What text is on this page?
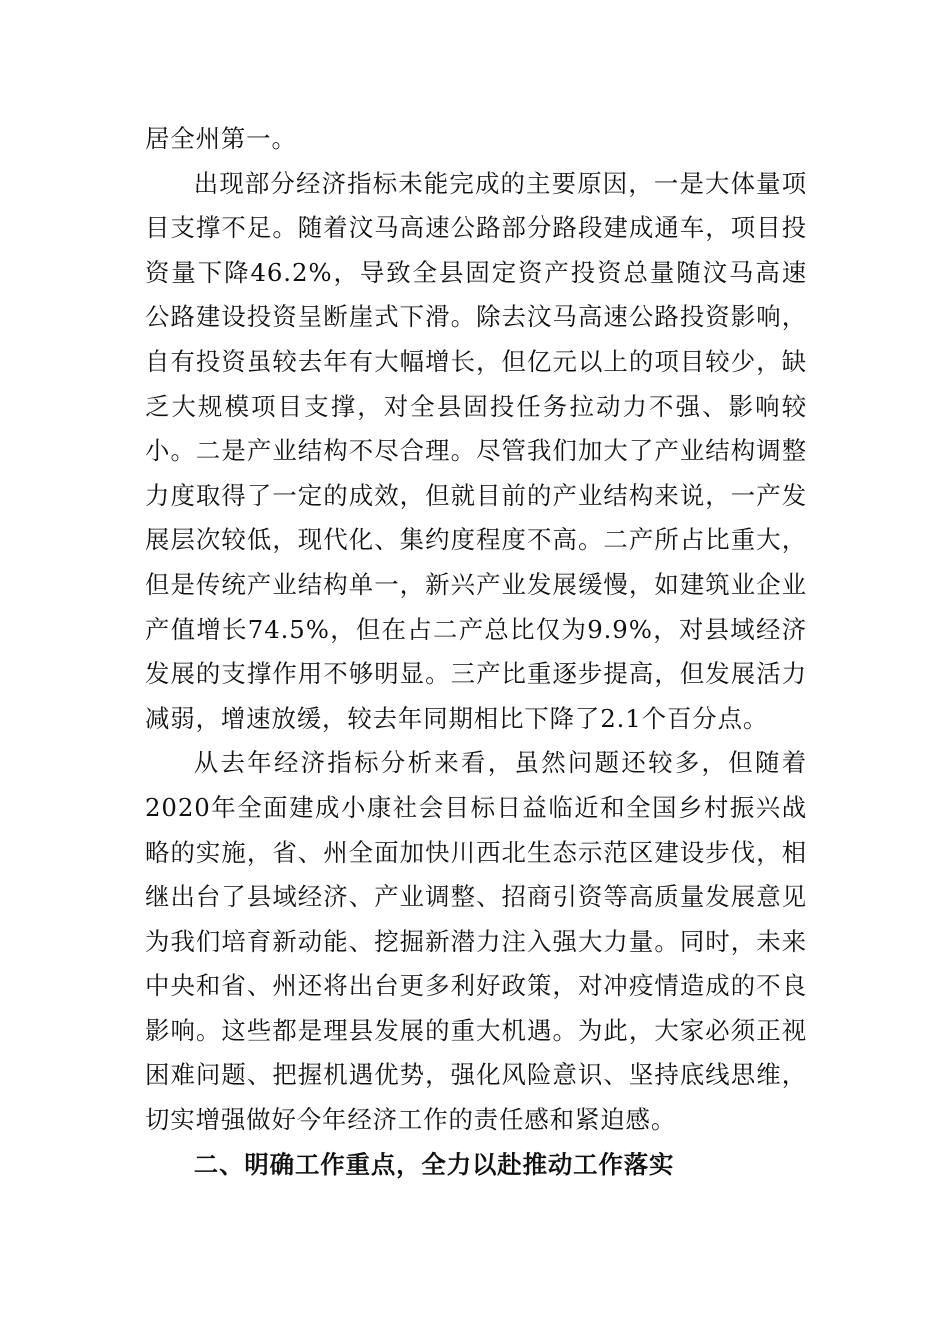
居全州第一。

出现部分经济指标未能完成的主要原因，一是大体量项目支撑不足。随着汶马高速公路部分路段建成通车，项目投资量下降46.2%，导致全县固定资产投资总量随汶马高速公路建设投资呈断崖式下滑。除去汶马高速公路投资影响，自有投资虽较去年有大幅增长，但亿元以上的项目较少，缺乏大规模项目支撑，对全县固投任务拉动力不强、影响较小。二是产业结构不尽合理。尽管我们加大了产业结构调整力度取得了一定的成效，但就目前的产业结构来说，一产发展层次较低，现代化、集约度程度不高。二产所占比重大，但是传统产业结构单一，新兴产业发展缓慢，如建筑业企业产值增长74.5%，但在占二产总比仅为9.9%，对县域经济发展的支撑作用不够明显。三产比重逐步提高，但发展活力减弱，增速放缓，较去年同期相比下降了2.1个百分点。

从去年经济指标分析来看，虽然问题还较多，但随着2020年全面建成小康社会目标日益临近和全国乡村振兴战略的实施，省、州全面加快川西北生态示范区建设步伐，相继出台了县域经济、产业调整、招商引资等高质量发展意见为我们培育新动能、挖掘新潜力注入强大力量。同时，未来中央和省、州还将出台更多利好政策，对冲疫情造成的不良影响。这些都是理县发展的重大机遇。为此，大家必须正视困难问题、把握机遇优势，强化风险意识、坚持底线思维，切实增强做好今年经济工作的责任感和紧迫感。

二、明确工作重点，全力以赴推动工作落实
